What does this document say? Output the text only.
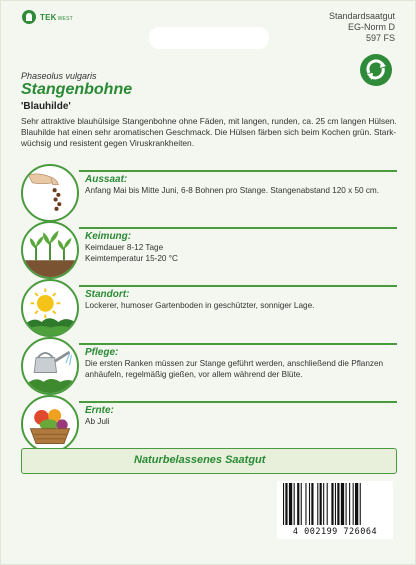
TEKWEST	Standardsaatgut
EG-Norm D
597 FS
Phaseolus vulgaris
Stangenbohne
'Blauhilde'
Sehr attraktive blauhülsige Stangenbohne ohne Fäden, mit langen, runden, ca. 25 cm langen Hülsen. Blauhilde hat einen sehr aromatischen Geschmack. Die Hülsen färben sich beim Kochen grün. Stark-wüchsig und resistent gegen Viruskrankheiten.
Aussaat:
Anfang Mai bis Mitte Juni, 6-8 Bohnen pro Stange. Stangenabstand 120 x 50 cm.
Keimung:
Keimdauer 8-12 Tage
Keimtemperatur 15-20 °C
Standort:
Lockerer, humoser Gartenboden in geschützter, sonniger Lage.
Pflege:
Die ersten Ranken müssen zur Stange geführt werden, anschließend die Pflanzen anhäufeln, regelmäßig gießen, vor allem während der Blüte.
Ernte:
Ab Juli
Naturbelassenes Saatgut
4 002199 726064
